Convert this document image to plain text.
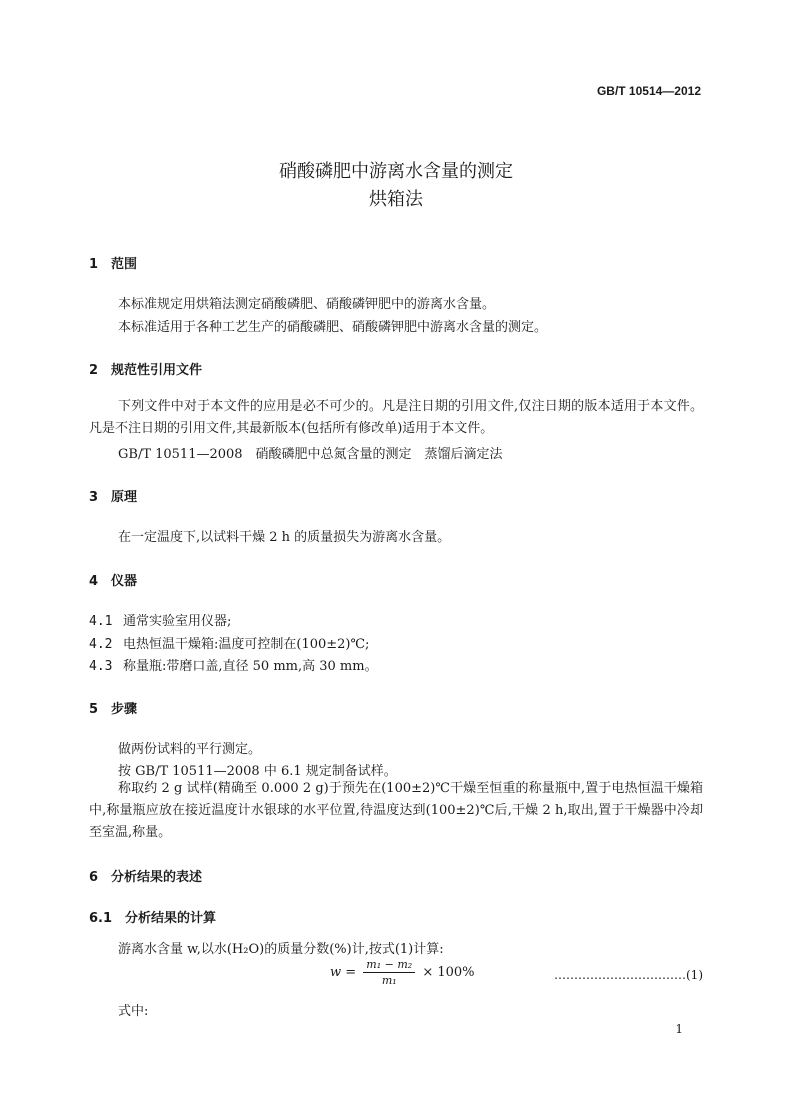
GB/T 10514—2012
硝酸磷肥中游离水含量的测定
烘箱法
1 范围
本标准规定用烘箱法测定硝酸磷肥、硝酸磷钾肥中的游离水含量。
本标准适用于各种工艺生产的硝酸磷肥、硝酸磷钾肥中游离水含量的测定。
2 规范性引用文件
下列文件中对于本文件的应用是必不可少的。凡是注日期的引用文件,仅注日期的版本适用于本文件。凡是不注日期的引用文件,其最新版本(包括所有修改单)适用于本文件。
GB/T 10511—2008　硝酸磷肥中总氮含量的测定　蒸馏后滴定法
3 原理
在一定温度下,以试料干燥 2 h 的质量损失为游离水含量。
4 仪器
4.1 通常实验室用仪器;
4.2 电热恒温干燥箱:温度可控制在(100±2)℃;
4.3 称量瓶:带磨口盖,直径 50 mm,高 30 mm。
5 步骤
做两份试料的平行测定。
按 GB/T 10511—2008 中 6.1 规定制备试样。
称取约 2 g 试样(精确至 0.000 2 g)于预先在(100±2)℃干燥至恒重的称量瓶中,置于电热恒温干燥箱中,称量瓶应放在接近温度计水银球的水平位置,待温度达到(100±2)℃后,干燥 2 h,取出,置于干燥器中冷却至室温,称量。
6 分析结果的表述
6.1 分析结果的计算
游离水含量 w,以水(H₂O)的质量分数(%)计,按式(1)计算:
$w = \frac{\text{m₁ − m₂}}{\text{m₁}} \times 100\%$	……………………………(1)
式中:
1
